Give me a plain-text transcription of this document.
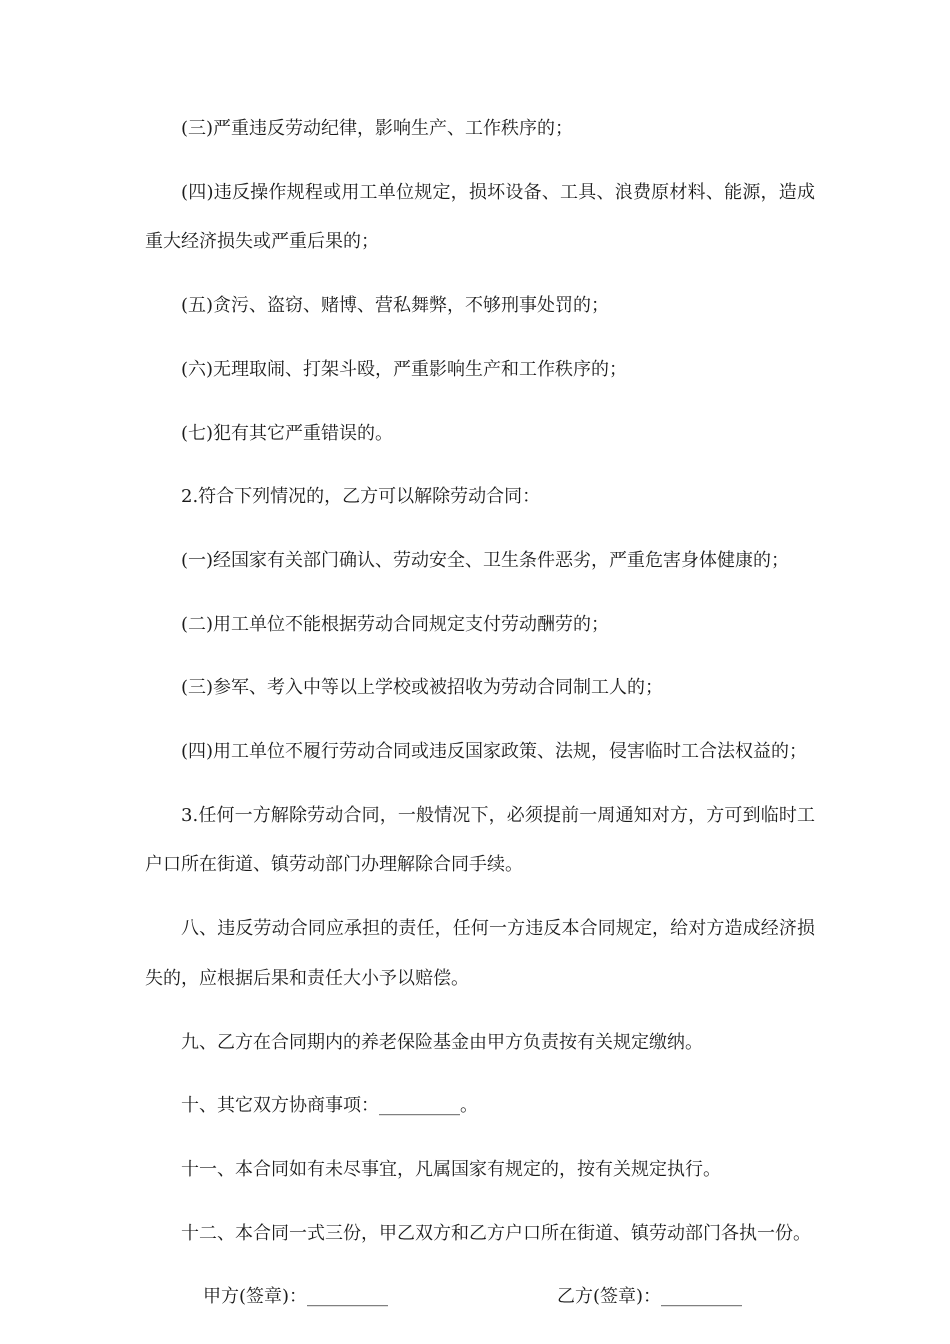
(三)严重违反劳动纪律，影响生产、工作秩序的；

(四)违反操作规程或用工单位规定，损坏设备、工具、浪费原材料、能源，造成重大经济损失或严重后果的；

(五)贪污、盗窃、赌博、营私舞弊，不够刑事处罚的；

(六)无理取闹、打架斗殴，严重影响生产和工作秩序的；

(七)犯有其它严重错误的。

2.符合下列情况的，乙方可以解除劳动合同：

(一)经国家有关部门确认、劳动安全、卫生条件恶劣，严重危害身体健康的；

(二)用工单位不能根据劳动合同规定支付劳动酬劳的；

(三)参军、考入中等以上学校或被招收为劳动合同制工人的；

(四)用工单位不履行劳动合同或违反国家政策、法规，侵害临时工合法权益的；

3.任何一方解除劳动合同，一般情况下，必须提前一周通知对方，方可到临时工户口所在街道、镇劳动部门办理解除合同手续。

八、违反劳动合同应承担的责任，任何一方违反本合同规定，给对方造成经济损失的，应根据后果和责任大小予以赔偿。

九、乙方在合同期内的养老保险基金由甲方负责按有关规定缴纳。

十、其它双方协商事项：_________。

十一、本合同如有未尽事宜，凡属国家有规定的，按有关规定执行。

十二、本合同一式三份，甲乙双方和乙方户口所在街道、镇劳动部门各执一份。

甲方(签章)：_________	乙方(签章)：_________
